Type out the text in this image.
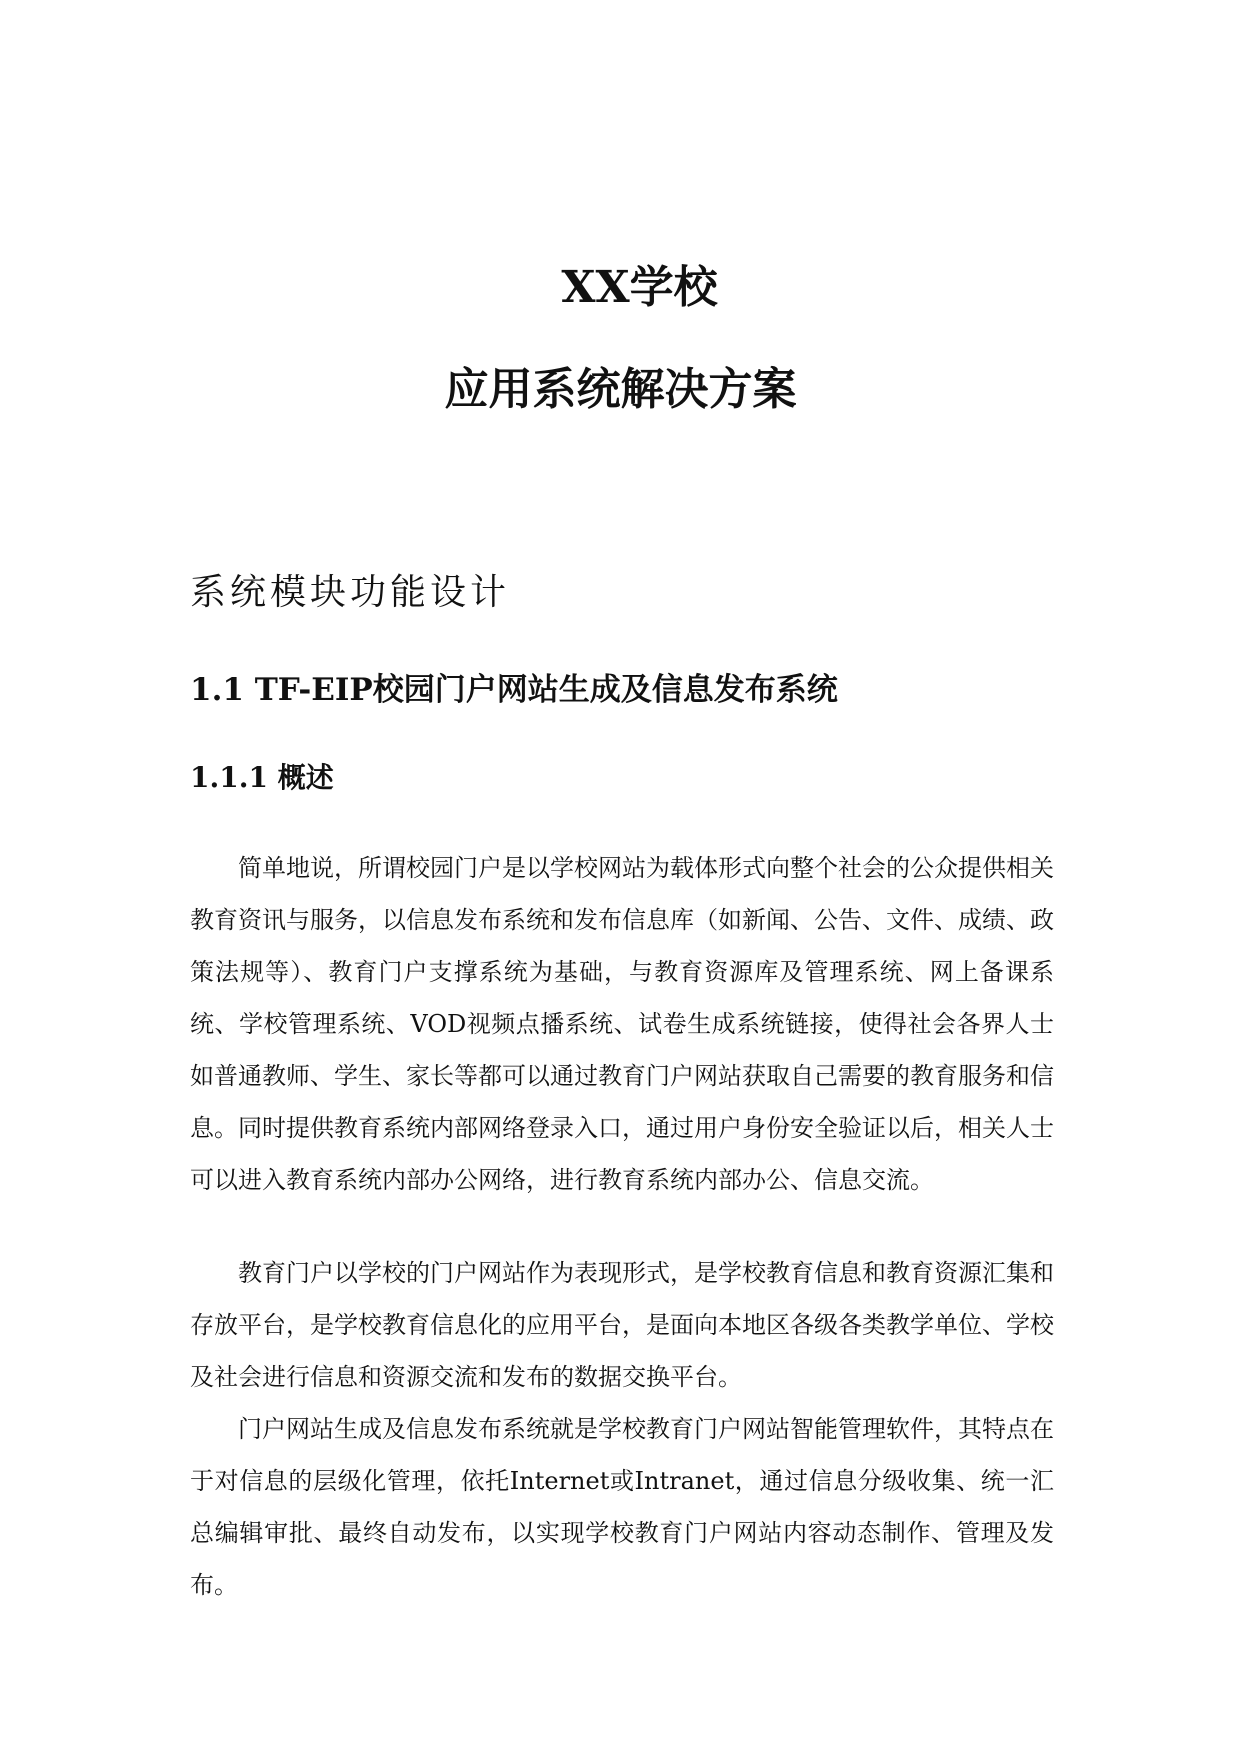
XX学校
应用系统解决方案
系统模块功能设计
1.1 TF-EIP校园门户网站生成及信息发布系统
1.1.1 概述

简单地说，所谓校园门户是以学校网站为载体形式向整个社会的公众提供相关教育资讯与服务，以信息发布系统和发布信息库（如新闻、公告、文件、成绩、政策法规等）、教育门户支撑系统为基础，与教育资源库及管理系统、网上备课系统、学校管理系统、VOD视频点播系统、试卷生成系统链接，使得社会各界人士如普通教师、学生、家长等都可以通过教育门户网站获取自己需要的教育服务和信息。同时提供教育系统内部网络登录入口，通过用户身份安全验证以后，相关人士可以进入教育系统内部办公网络，进行教育系统内部办公、信息交流。

教育门户以学校的门户网站作为表现形式，是学校教育信息和教育资源汇集和存放平台，是学校教育信息化的应用平台，是面向本地区各级各类教学单位、学校及社会进行信息和资源交流和发布的数据交换平台。

门户网站生成及信息发布系统就是学校教育门户网站智能管理软件，其特点在于对信息的层级化管理，依托Internet或Intranet，通过信息分级收集、统一汇总编辑审批、最终自动发布，以实现学校教育门户网站内容动态制作、管理及发布。
